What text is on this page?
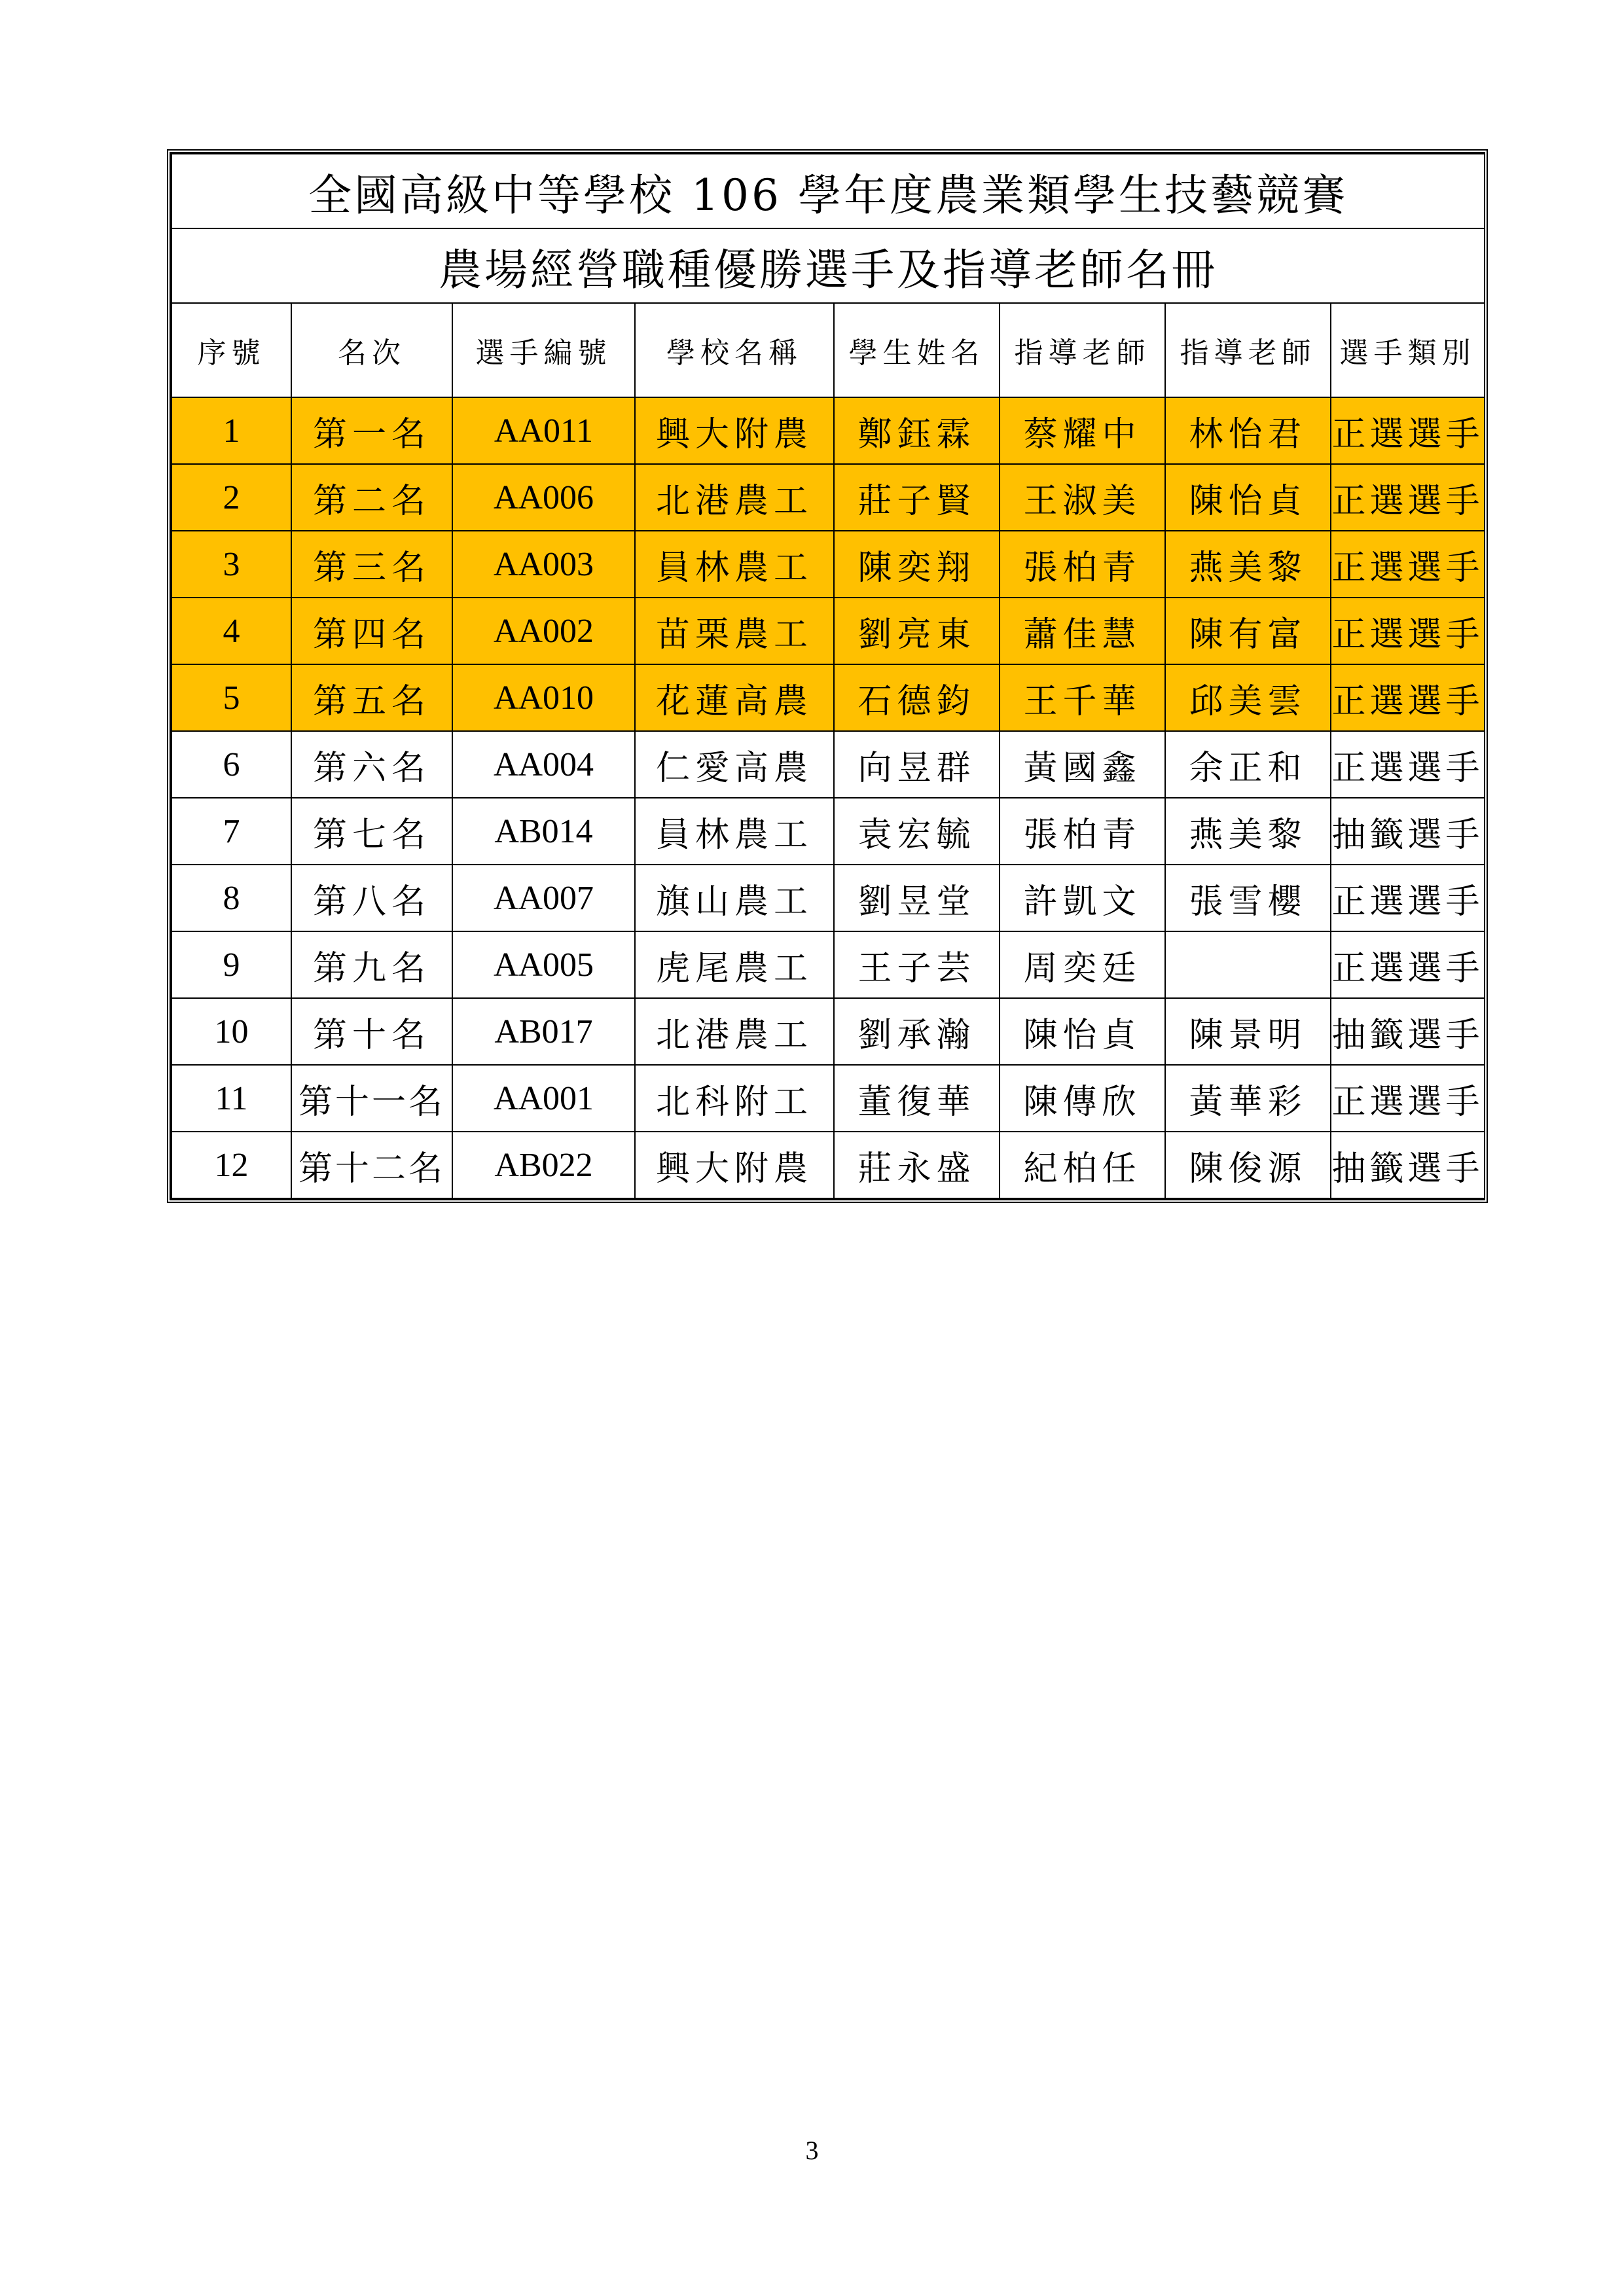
全國高級中等學校 106 學年度農業類學生技藝競賽							
農場經營職種優勝選手及指導老師名冊							
序號	名次	選手編號	學校名稱	學生姓名	指導老師	指導老師	選手類別
1	第一名	AA011	興大附農	鄭鈺霖	蔡耀中	林怡君	正選選手
2	第二名	AA006	北港農工	莊子賢	王淑美	陳怡貞	正選選手
3	第三名	AA003	員林農工	陳奕翔	張柏青	燕美黎	正選選手
4	第四名	AA002	苗栗農工	劉亮東	蕭佳慧	陳有富	正選選手
5	第五名	AA010	花蓮高農	石德鈞	王千華	邱美雲	正選選手
6	第六名	AA004	仁愛高農	向昱群	黃國鑫	余正和	正選選手
7	第七名	AB014	員林農工	袁宏毓	張柏青	燕美黎	抽籤選手
8	第八名	AA007	旗山農工	劉昱堂	許凱文	張雪櫻	正選選手
9	第九名	AA005	虎尾農工	王子芸	周奕廷		正選選手
10	第十名	AB017	北港農工	劉承瀚	陳怡貞	陳景明	抽籤選手
11	第十一名	AA001	北科附工	董復華	陳傳欣	黃華彩	正選選手
12	第十二名	AB022	興大附農	莊永盛	紀柏任	陳俊源	抽籤選手
3
